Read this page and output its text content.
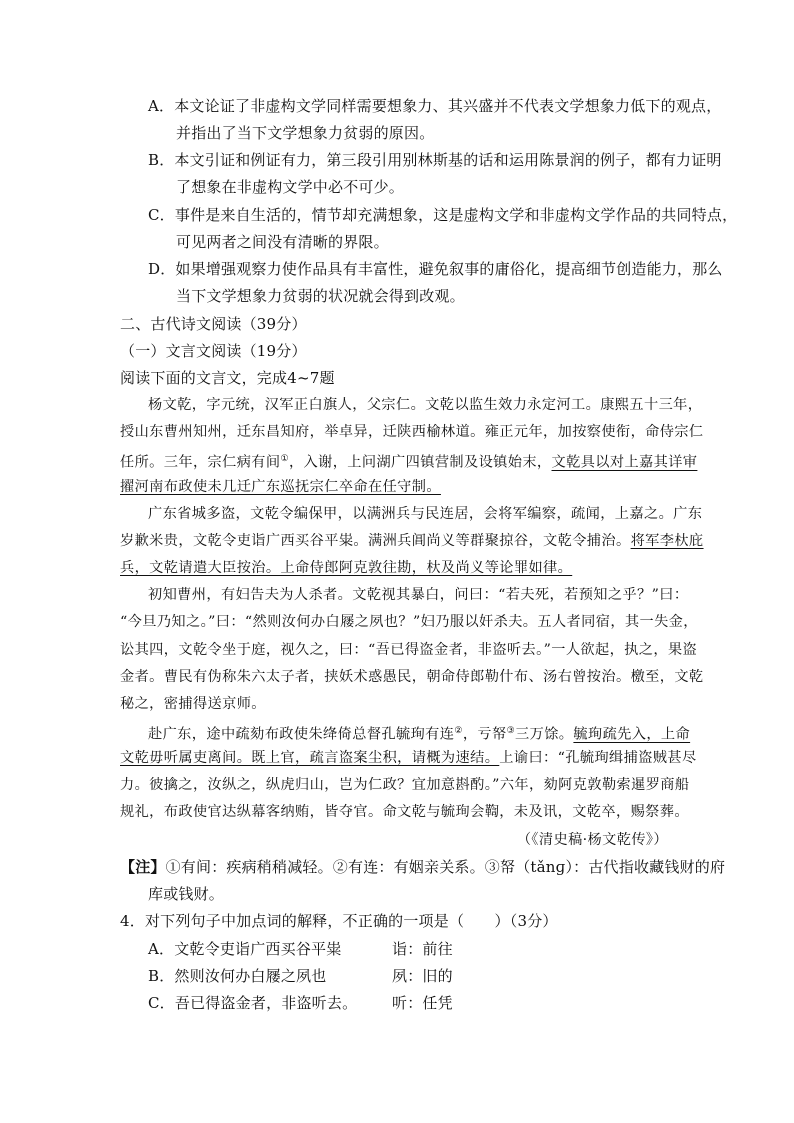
A．本文论证了非虚构文学同样需要想象力、其兴盛并不代表文学想象力低下的观点，
并指出了当下文学想象力贫弱的原因。
B．本文引证和例证有力，第三段引用别林斯基的话和运用陈景润的例子，都有力证明
了想象在非虚构文学中必不可少。
C．事件是来自生活的，情节却充满想象，这是虚构文学和非虚构文学作品的共同特点，
可见两者之间没有清晰的界限。
D．如果增强观察力使作品具有丰富性，避免叙事的庸俗化，提高细节创造能力，那么
当下文学想象力贫弱的状况就会得到改观。
二、古代诗文阅读（39分）
（一）文言文阅读（19分）
阅读下面的文言文，完成4~7题
杨文乾，字元统，汉军正白旗人，父宗仁。文乾以监生效力永定河工。康熙五十三年，
授山东曹州知州，迁东昌知府，举卓异，迁陕西榆林道。雍正元年，加按察使衔，命侍宗仁
任所。三年，宗仁病有间①，入谢，上问湖广四镇营制及设镇始末，文乾具以对上嘉其详审
擢河南布政使未几迁广东巡抚宗仁卒命在任守制。
广东省城多盗，文乾令编保甲，以满洲兵与民连居，会将军编察，疏闻，上嘉之。广东
岁歉米贵，文乾令吏诣广西买谷平粜。满洲兵阊尚义等群聚掠谷，文乾令捕治。将军李杕庇
兵，文乾请遣大臣按治。上命侍郎阿克敦往勘，杕及尚义等论罪如律。
初知曹州，有妇告夫为人杀者。文乾视其暴白，问曰：“若夫死，若预知之乎？”曰：
“今旦乃知之。”曰：“然则汝何办白屦之夙也？”妇乃服以奸杀夫。五人者同宿，其一失金，
讼其四，文乾令坐于庭，视久之，曰：“吾已得盗金者，非盗听去。”一人欲起，执之，果盗
金者。曹民有伪称朱六太子者，挟妖术惑愚民，朝命侍郎勒什布、汤右曾按治。檄至，文乾
秘之，密捕得送京师。
赴广东，途中疏劾布政使朱绛倚总督孔毓珣有连②，亏帑③三万馀。毓珣疏先入，上命
文乾毋听属吏离间。既上官，疏言盗案尘积，请概为速结。上谕曰：“孔毓珣缉捕盗贼甚尽
力。彼擒之，汝纵之，纵虎归山，岂为仁政？宜加意斟酌。”六年，劾阿克敦勒索暹罗商船
规礼，布政使官达纵幕客纳贿，皆夺官。命文乾与毓珣会鞫，未及讯，文乾卒，赐祭葬。
（《清史稿·杨文乾传》）
【注】①有间：疾病稍稍减轻。②有连：有姻亲关系。③帑（tǎnɡ）：古代指收藏钱财的府
库或钱财。
4．对下列句子中加点词的解释，不正确的一项是（　　）（3分）
A．文乾令吏诣广西买谷平粜	诣：前往
B．然则汝何办白屦之夙也	夙：旧的
C．吾已得盗金者，非盗听去。 听：任凭
